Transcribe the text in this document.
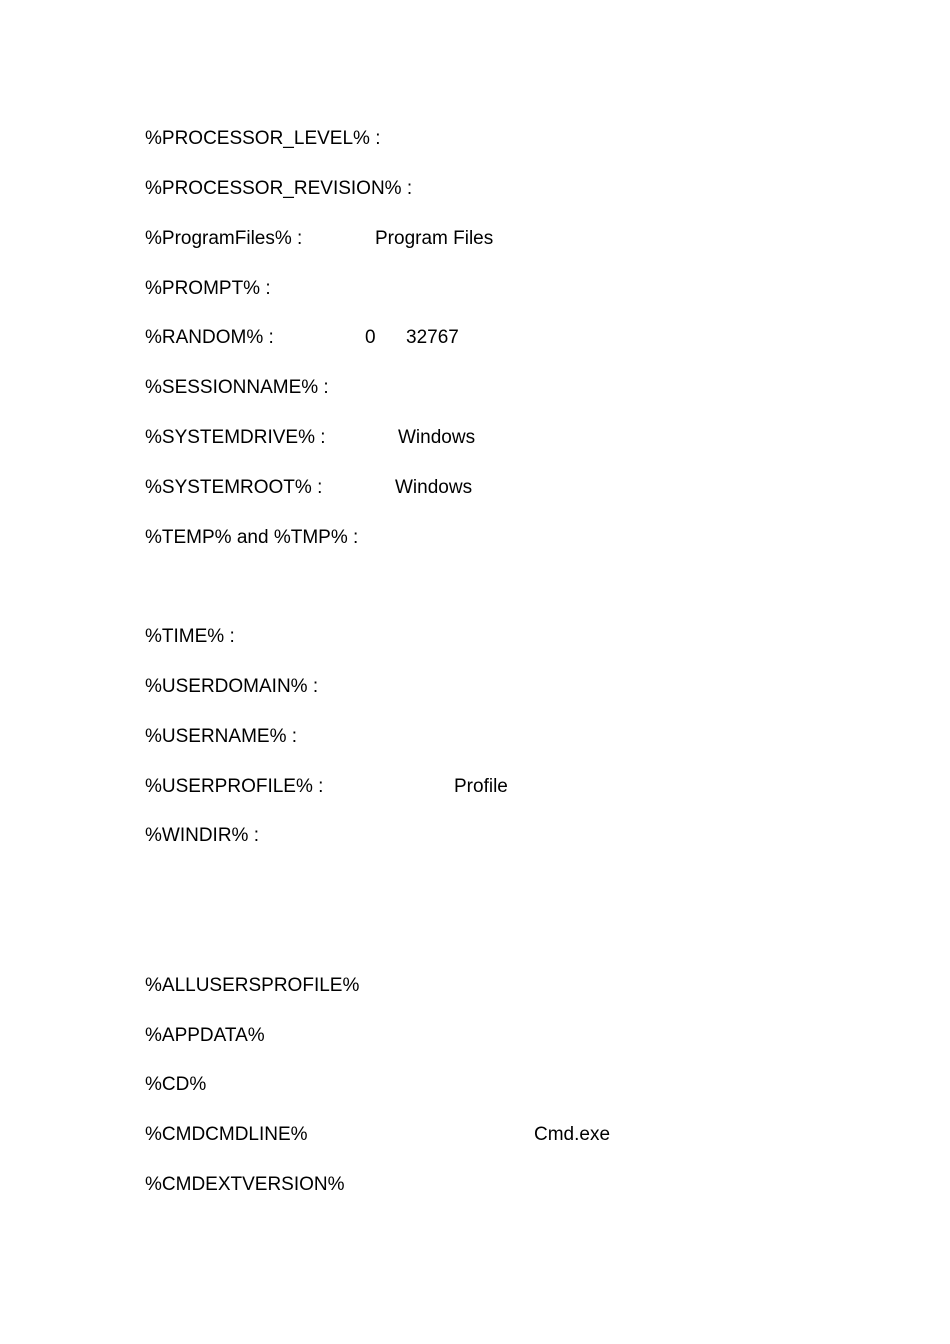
%PROCESSOR_LEVEL% :
%PROCESSOR_REVISION% :
%ProgramFiles% :	Program Files
%PROMPT% :
%RANDOM% :	0 32767
%SESSIONNAME% :
%SYSTEMDRIVE% :	Windows
%SYSTEMROOT% :	Windows
%TEMP% and %TMP% :
%TIME% :
%USERDOMAIN% :
%USERNAME% :
%USERPROFILE% :	Profile
%WINDIR% :
%ALLUSERSPROFILE%
%APPDATA%
%CD%
%CMDCMDLINE%	Cmd.exe
%CMDEXTVERSION%
